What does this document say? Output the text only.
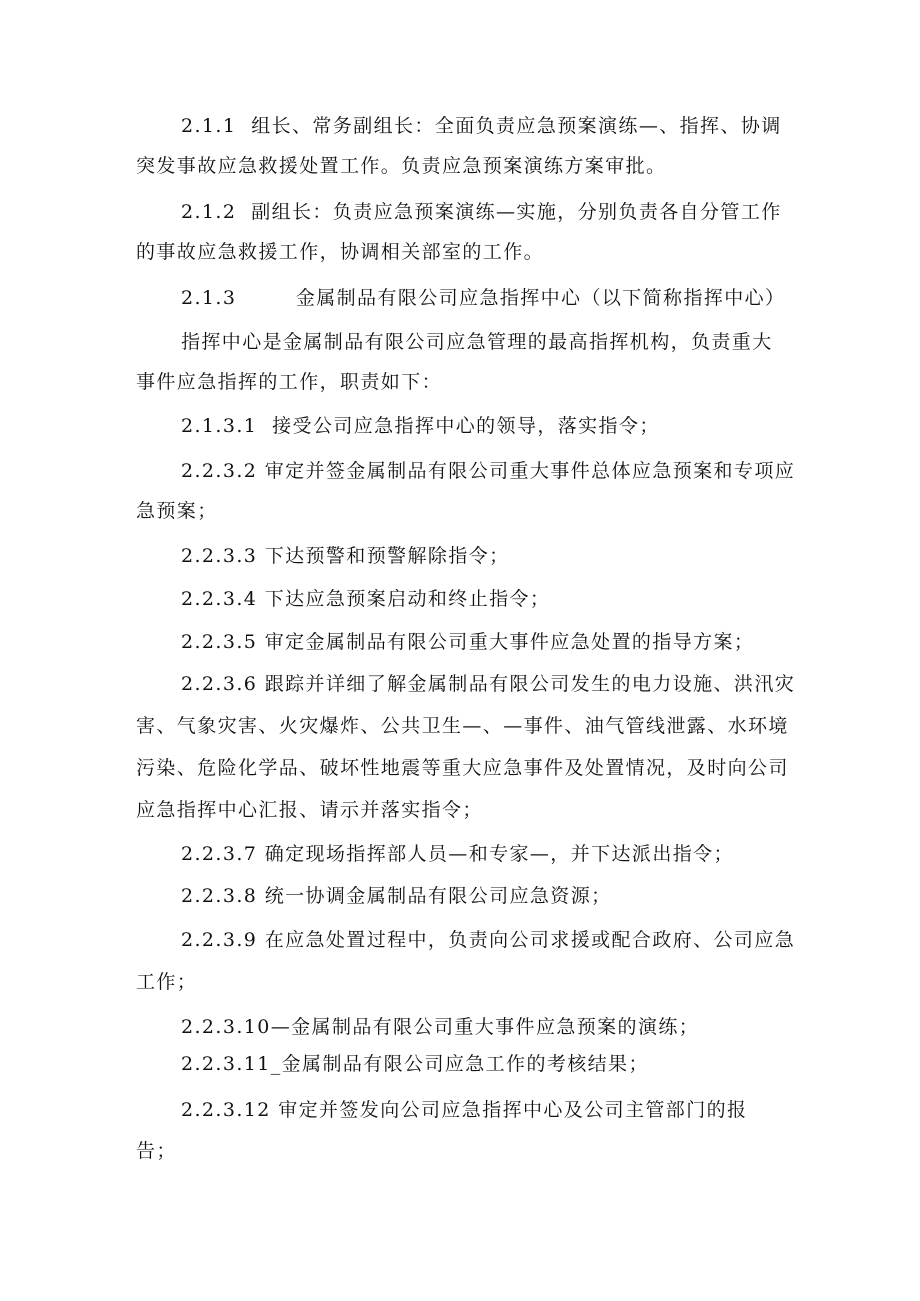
2.1.1  组长、常务副组长：全面负责应急预案演练—、指挥、协调
突发事故应急救援处置工作。负责应急预案演练方案审批。
2.1.2  副组长：负责应急预案演练—实施，分别负责各自分管工作
的事故应急救援工作，协调相关部室的工作。
2.1.3        金属制品有限公司应急指挥中心（以下简称指挥中心）
指挥中心是金属制品有限公司应急管理的最高指挥机构，负责重大
事件应急指挥的工作，职责如下：
2.1.3.1  接受公司应急指挥中心的领导，落实指令；
2.2.3.2 审定并签金属制品有限公司重大事件总体应急预案和专项应
急预案；
2.2.3.3 下达预警和预警解除指令；
2.2.3.4 下达应急预案启动和终止指令；
2.2.3.5 审定金属制品有限公司重大事件应急处置的指导方案；
2.2.3.6 跟踪并详细了解金属制品有限公司发生的电力设施、洪汛灾
害、气象灾害、火灾爆炸、公共卫生—、—事件、油气管线泄露、水环境
污染、危险化学品、破坏性地震等重大应急事件及处置情况，及时向公司
应急指挥中心汇报、请示并落实指令；
2.2.3.7 确定现场指挥部人员—和专家—，并下达派出指令；
2.2.3.8 统一协调金属制品有限公司应急资源；
2.2.3.9 在应急处置过程中，负责向公司求援或配合政府、公司应急
工作；
2.2.3.10—金属制品有限公司重大事件应急预案的演练；
2.2.3.11_金属制品有限公司应急工作的考核结果；
2.2.3.12 审定并签发向公司应急指挥中心及公司主管部门的报
告；
